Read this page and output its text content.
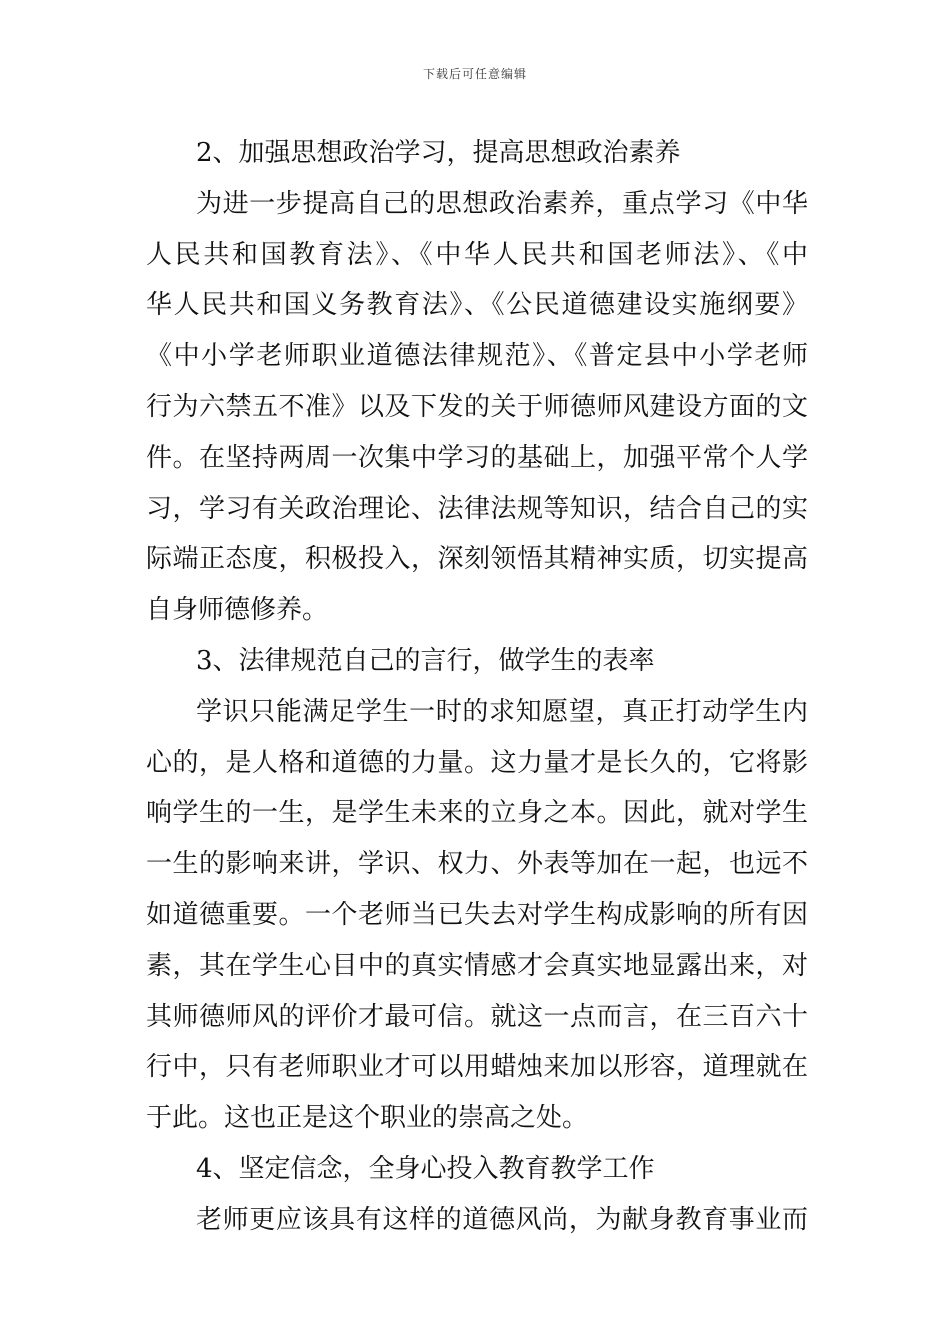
下载后可任意编辑
2、加强思想政治学习，提高思想政治素养
为进一步提高自己的思想政治素养，重点学习《中华
人民共和国教育法》、《中华人民共和国老师法》、《中
华人民共和国义务教育法》、《公民道德建设实施纲要》
《中小学老师职业道德法律规范》、《普定县中小学老师
行为六禁五不准》以及下发的关于师德师风建设方面的文
件。在坚持两周一次集中学习的基础上，加强平常个人学
习，学习有关政治理论、法律法规等知识，结合自己的实
际端正态度，积极投入，深刻领悟其精神实质，切实提高
自身师德修养。
3、法律规范自己的言行，做学生的表率
学识只能满足学生一时的求知愿望，真正打动学生内
心的，是人格和道德的力量。这力量才是长久的，它将影
响学生的一生，是学生未来的立身之本。因此，就对学生
一生的影响来讲，学识、权力、外表等加在一起，也远不
如道德重要。一个老师当已失去对学生构成影响的所有因
素，其在学生心目中的真实情感才会真实地显露出来，对
其师德师风的评价才最可信。就这一点而言，在三百六十
行中，只有老师职业才可以用蜡烛来加以形容，道理就在
于此。这也正是这个职业的崇高之处。
4、坚定信念，全身心投入教育教学工作
老师更应该具有这样的道德风尚，为献身教育事业而
